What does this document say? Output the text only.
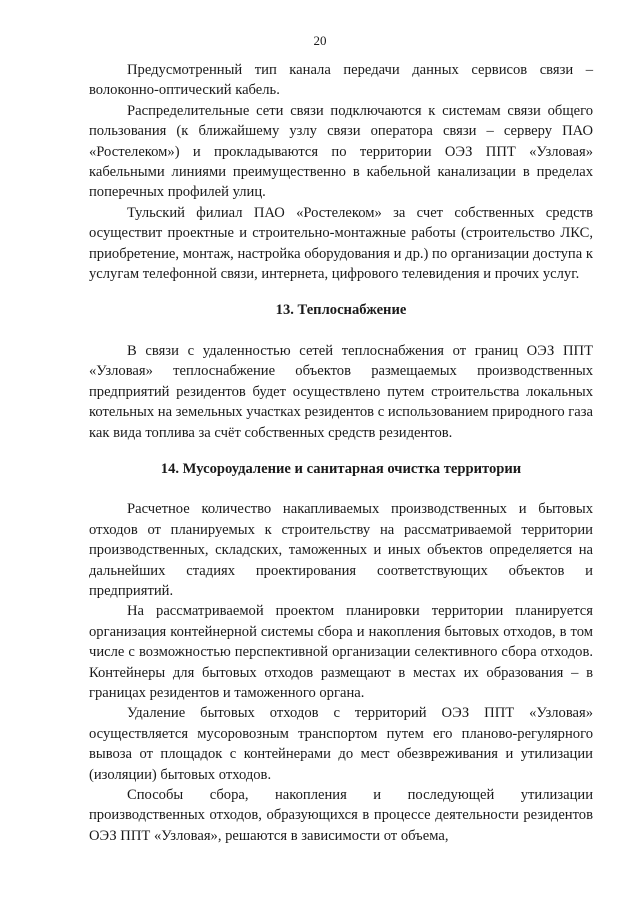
20

Предусмотренный тип канала передачи данных сервисов связи – волоконно-оптический кабель.

Распределительные сети связи подключаются к системам связи общего пользования (к ближайшему узлу связи оператора связи – серверу ПАО «Ростелеком») и прокладываются по территории ОЭЗ ППТ «Узловая» кабельными линиями преимущественно в кабельной канализации в пределах поперечных профилей улиц.

Тульский филиал ПАО «Ростелеком» за счет собственных средств осуществит проектные и строительно-монтажные работы (строительство ЛКС, приобретение, монтаж, настройка оборудования и др.) по организации доступа к услугам телефонной связи, интернета, цифрового телевидения и прочих услуг.

13. Теплоснабжение

В связи с удаленностью сетей теплоснабжения от границ ОЭЗ ППТ «Узловая» теплоснабжение объектов размещаемых производственных предприятий резидентов будет осуществлено путем строительства локальных котельных на земельных участках резидентов с использованием природного газа как вида топлива за счёт собственных средств резидентов.

14. Мусороудаление и санитарная очистка территории

Расчетное количество накапливаемых производственных и бытовых отходов от планируемых к строительству на рассматриваемой территории производственных, складских, таможенных и иных объектов определяется на дальнейших стадиях проектирования соответствующих объектов и предприятий.

На рассматриваемой проектом планировки территории планируется организация контейнерной системы сбора и накопления бытовых отходов, в том числе с возможностью перспективной организации селективного сбора отходов. Контейнеры для бытовых отходов размещают в местах их образования – в границах резидентов и таможенного органа.

Удаление бытовых отходов с территорий ОЭЗ ППТ «Узловая» осуществляется мусоровозным транспортом путем его планово-регулярного вывоза от площадок с контейнерами до мест обезвреживания и утилизации (изоляции) бытовых отходов.

Способы сбора, накопления и последующей утилизации производственных отходов, образующихся в процессе деятельности резидентов ОЭЗ ППТ «Узловая», решаются в зависимости от объема,
